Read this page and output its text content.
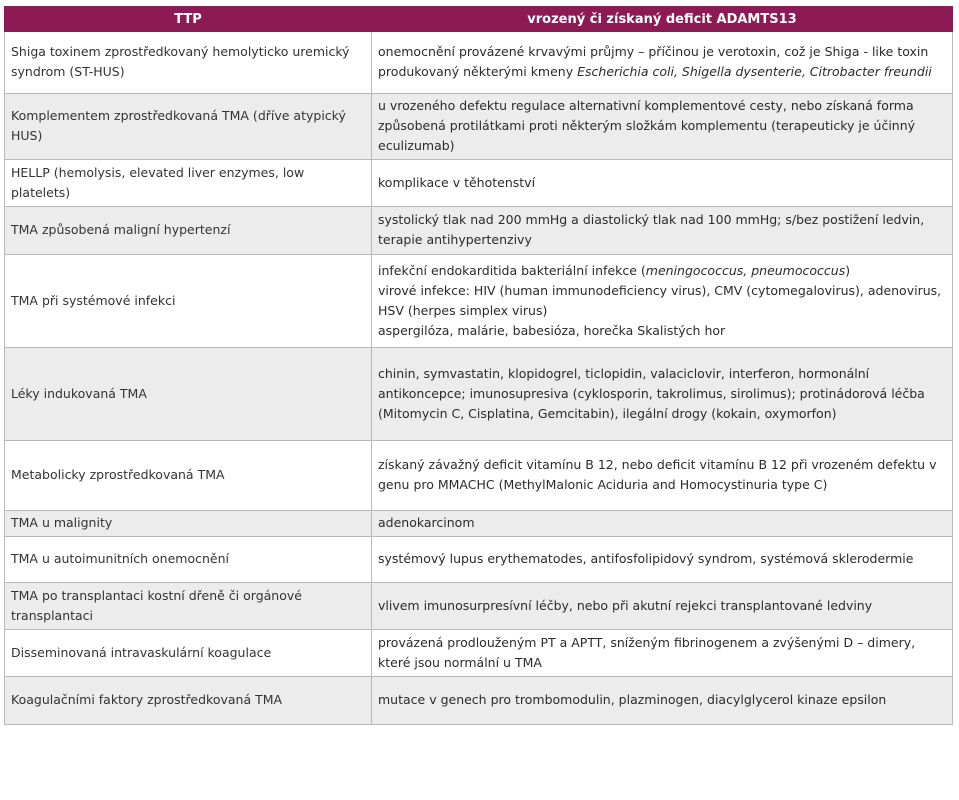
TTP	vrozený či získaný deficit ADAMTS13
Shiga toxinem zprostředkovaný hemolyticko uremický syndrom (ST-HUS)	onemocnění provázené krvavými průjmy – příčinou je verotoxin, což je Shiga - like toxin produkovaný některými kmeny Escherichia coli, Shigella dysenterie, Citrobacter freundii
Komplementem zprostředkovaná TMA (dříve atypický HUS)	u vrozeného defektu regulace alternativní komplementové cesty, nebo získaná forma způsobená protilátkami proti některým složkám komplementu (terapeuticky je účinný eculizumab)
HELLP (hemolysis, elevated liver enzymes, low platelets)	komplikace v těhotenství
TMA způsobená maligní hypertenzí	systolický tlak nad 200 mmHg a diastolický tlak nad 100 mmHg; s/bez postižení ledvin, terapie antihypertenzivy
TMA při systémové infekci	infekční endokarditida bakteriální infekce (meningococcus, pneumococcus)
virové infekce: HIV (human immunodeficiency virus), CMV (cytomegalovirus), adenovirus, HSV (herpes simplex virus)
aspergilóza, malárie, babesióza, horečka Skalistých hor

Léky indukovaná TMA	chinin, symvastatin, klopidogrel, ticlopidin, valaciclovir, interferon, hormonální antikoncepce; imunosupresiva (cyklosporin, takrolimus, sirolimus); protinádorová léčba (Mitomycin C, Cisplatina, Gemcitabin), ilegální drogy (kokain, oxymorfon)
Metabolicky zprostředkovaná TMA	získaný závažný deficit vitamínu B 12, nebo deficit vitamínu B 12 při vrozeném defektu v genu pro MMACHC (MethylMalonic Aciduria and Homocystinuria type C)
TMA u malignity	adenokarcinom
TMA u autoimunitních onemocnění	systémový lupus erythematodes, antifosfolipidový syndrom, systémová sklerodermie
TMA po transplantaci kostní dřeně či orgánové transplantaci	vlivem imunosurpresívní léčby, nebo při akutní rejekci transplantované ledviny
Disseminovaná intravaskulární koagulace	provázená prodlouženým PT a APTT, sníženým fibrinogenem a zvýšenými D – dimery, které jsou normální u TMA
Koagulačními faktory zprostředkovaná TMA	mutace v genech pro trombomodulin, plazminogen, diacylglycerol kinaze epsilon
